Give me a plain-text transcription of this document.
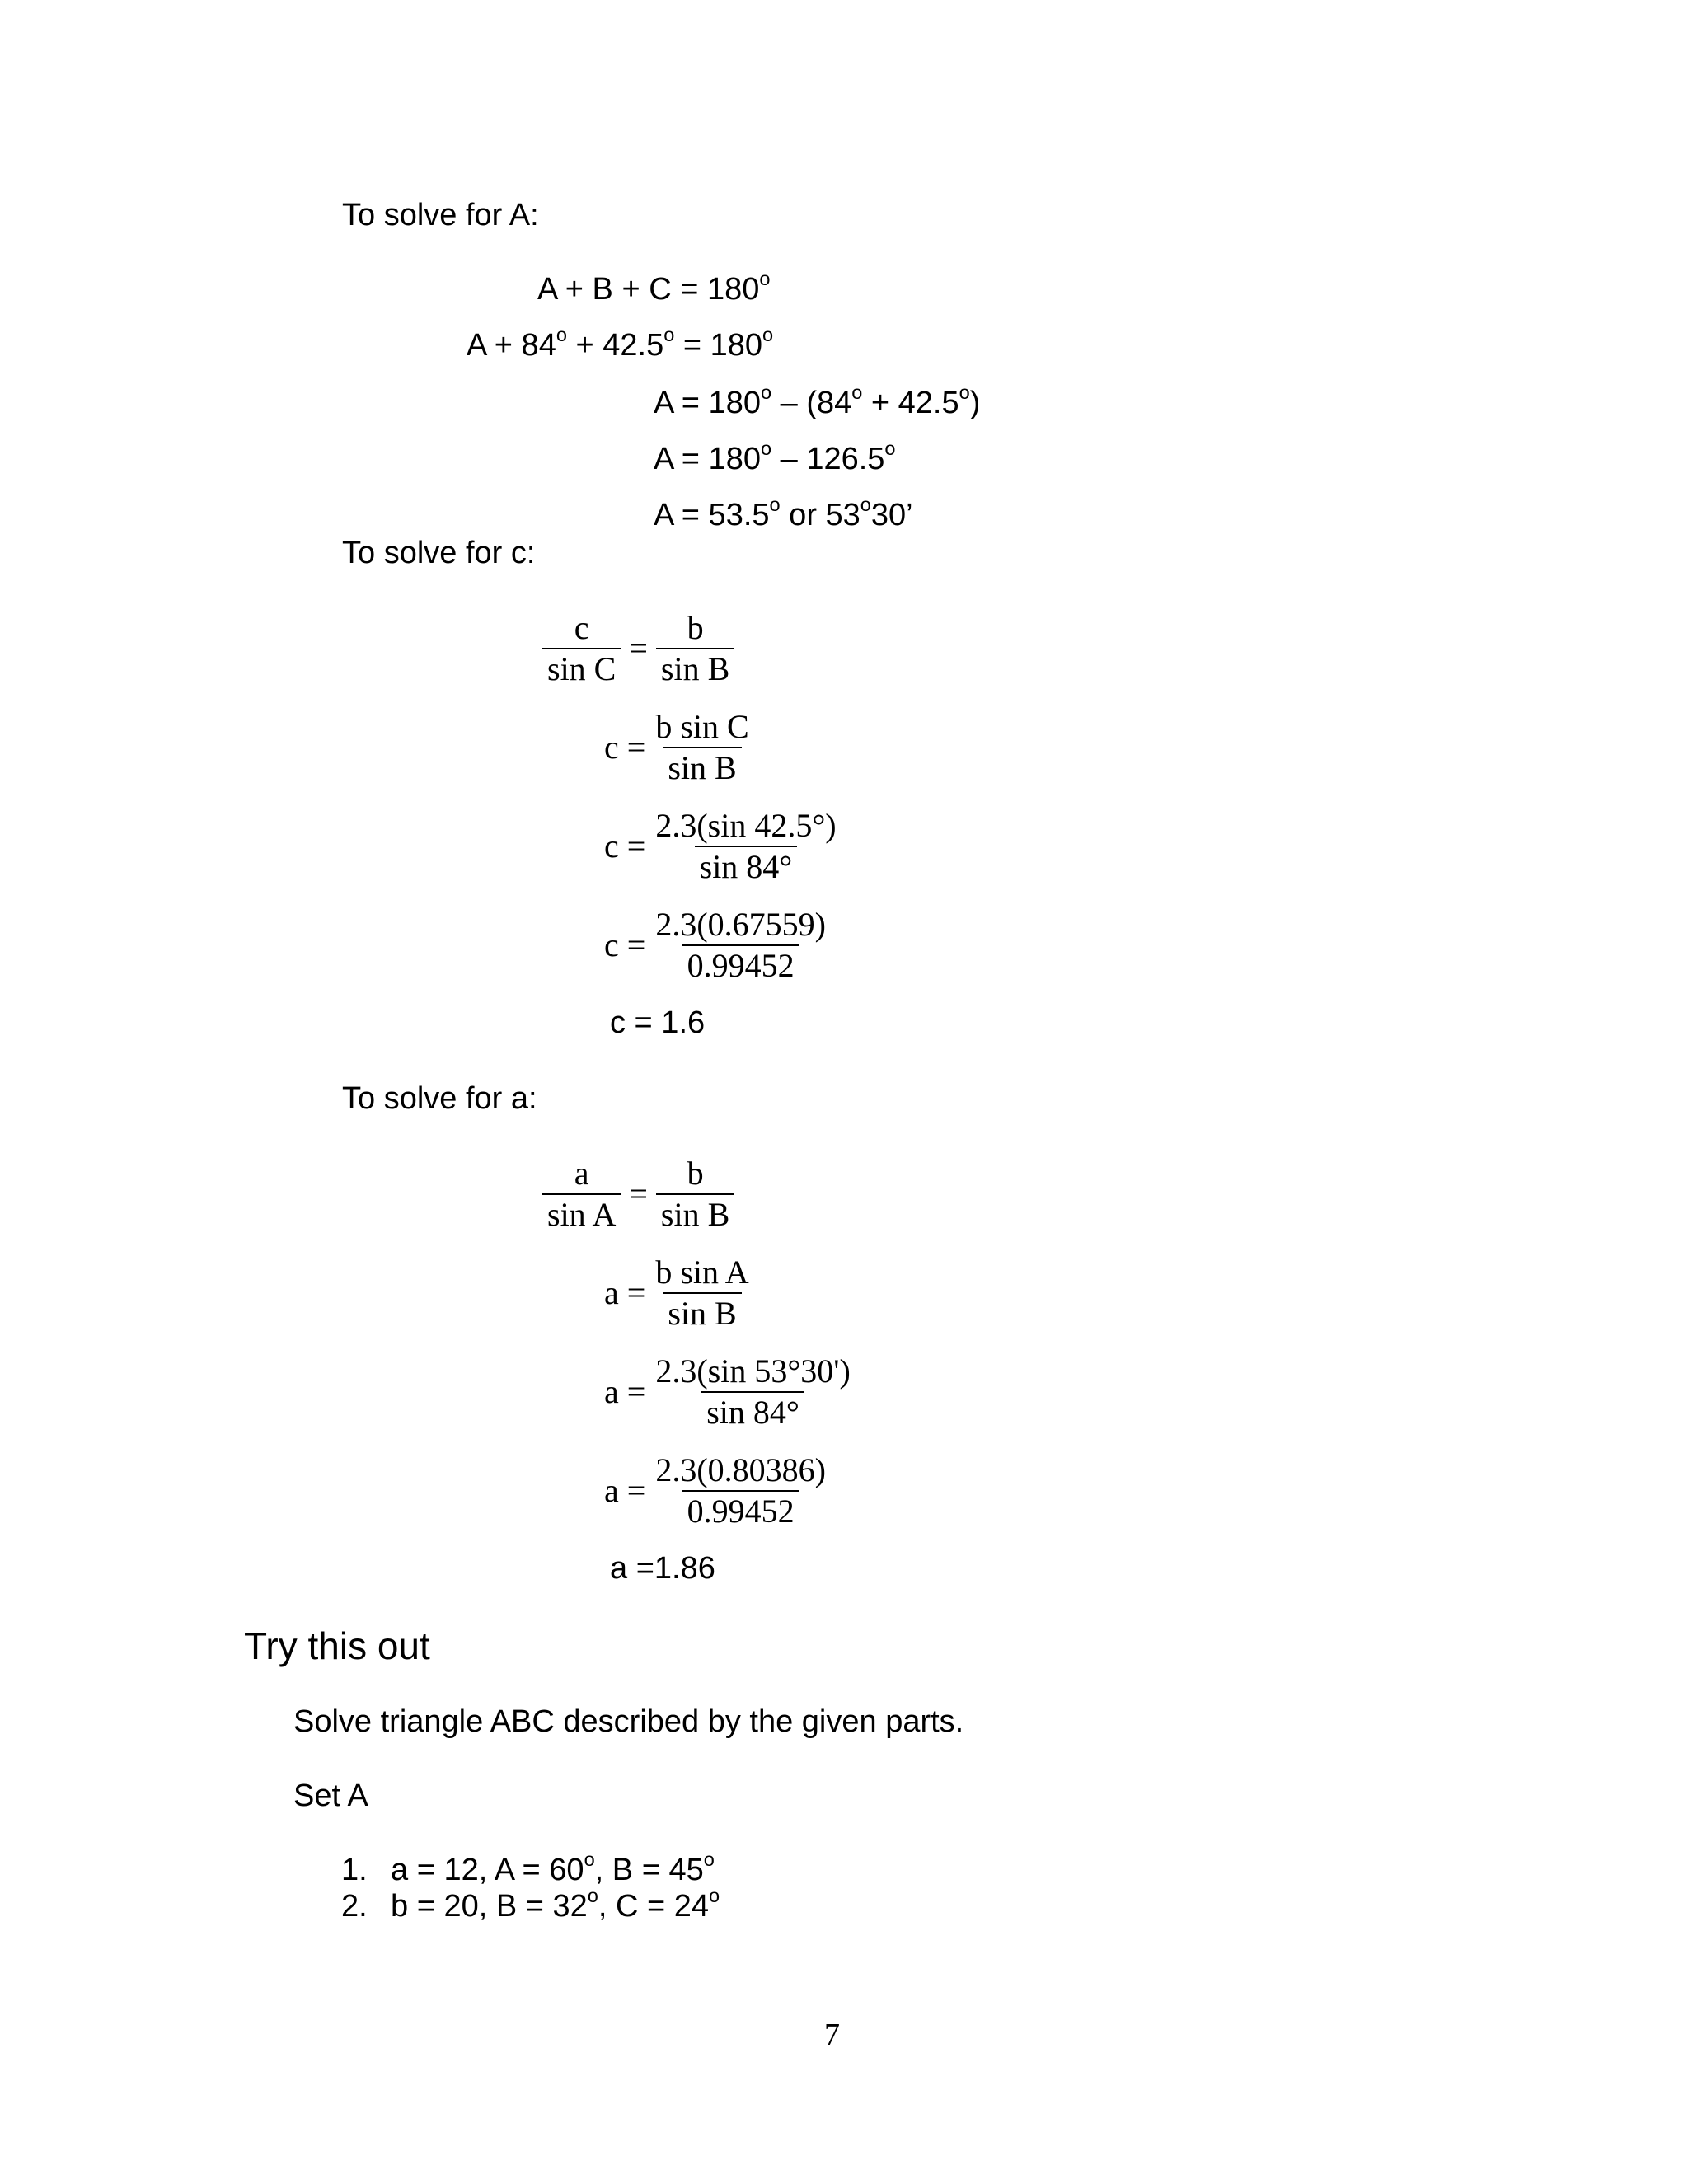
To solve for A:
$A + B + C = 180^o$
$A + 84^o + 42.5^o = 180^o$
$A = 180^o - (84^o + 42.5^o)$
$A = 180^o - 126.5^o$
$A = 53.5^o$ or 53$^o$30’
To solve for c:
$\frac{c}{\text{sin C}} = \frac{b}{\text{sin B}}$
$c = \frac{\text{b sin C}}{\text{sin B}}$
$c = \frac{2.3(\sin 42.5^\circ)}{\sin 84^\circ}$
$c = \frac{2.3(0.67559)}{0.99452}$
c = 1.6
To solve for a:
$\frac{a}{\text{sin A}} = \frac{b}{\text{sin B}}$
$a = \frac{\text{b sin A}}{\text{sin B}}$
$a = \frac{2.3(\sin 53^\circ 30')}{\sin 84^\circ}$
$a = \frac{2.3(0.80386)}{0.99452}$
a =1.86
Try this out
Solve triangle ABC described by the given parts.
Set A
1. a = 12, $A = 60^o$, $B = 45^o$
2. b = 20, $B = 32^o$, $C = 24^o$
7
